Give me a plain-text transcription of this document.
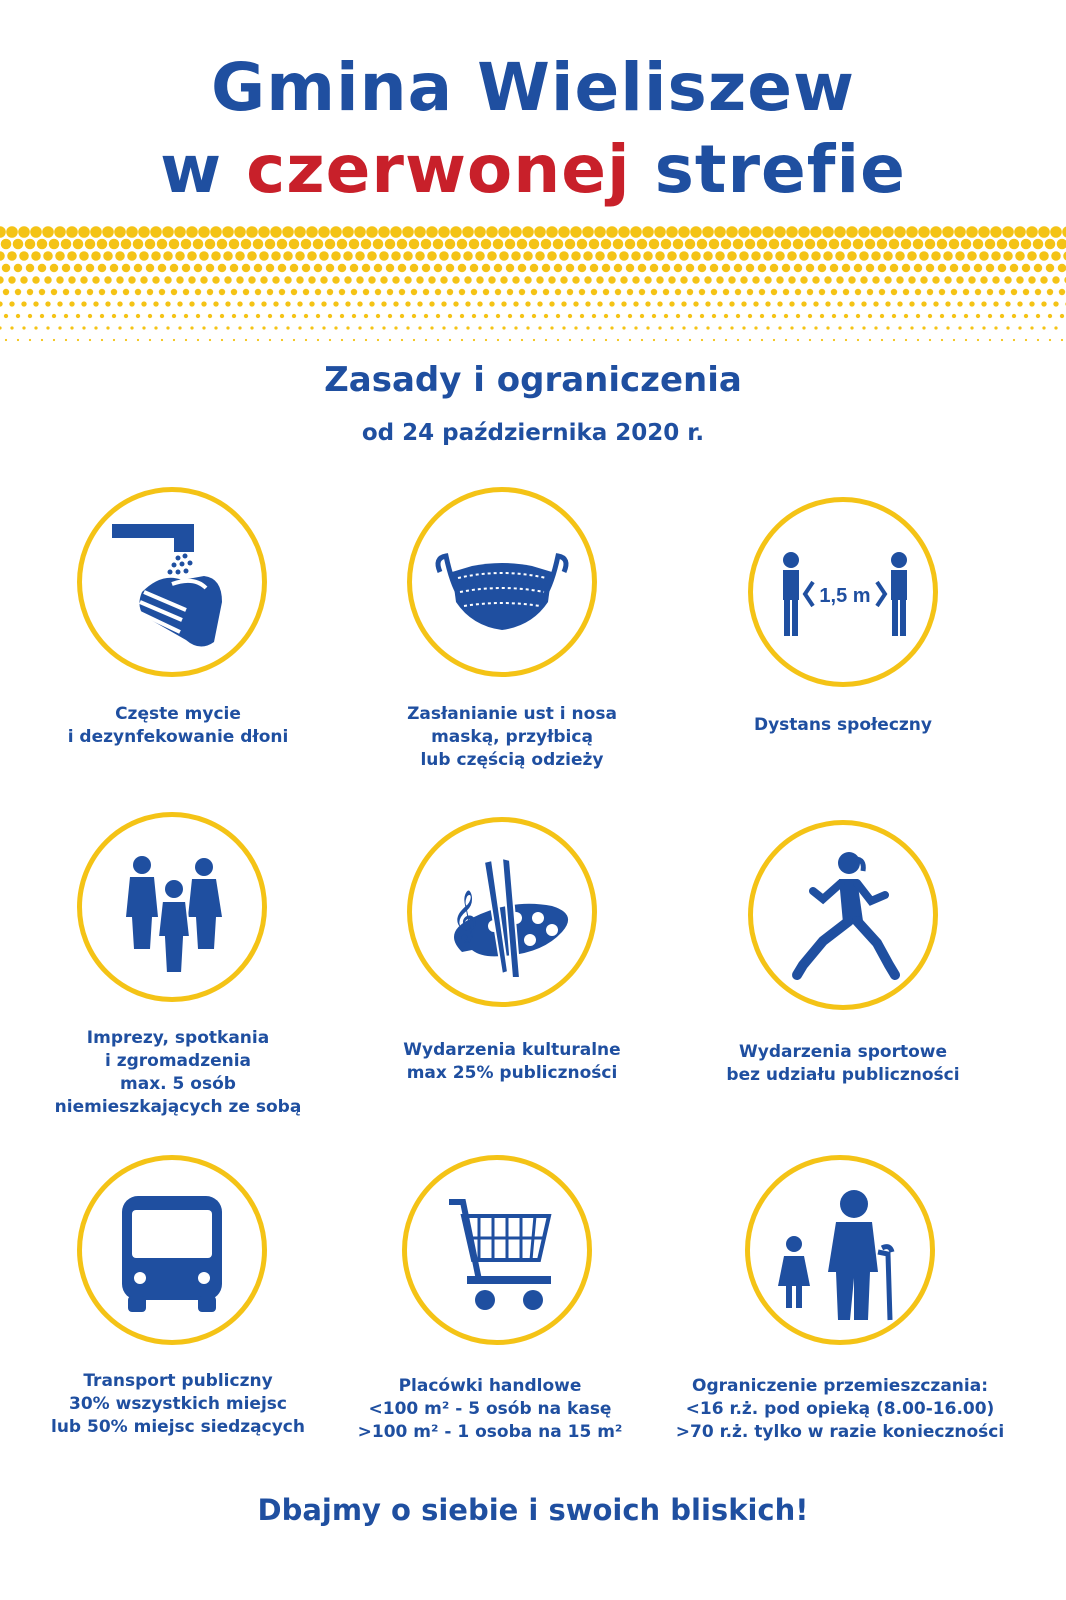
Gmina Wieliszew
w czerwonej strefie
Zasady i ograniczenia
od 24 października 2020 r.
Częste mycie
i dezynfekowanie dłoni
Zasłanianie ust i nosa
maską, przyłbicą
lub częścią odzieży
1,5 m
Dystans społeczny
Imprezy, spotkania
i zgromadzenia
max. 5 osób
niemieszkających ze sobą
𝄞
Wydarzenia kulturalne
max 25% publiczności
Wydarzenia sportowe
bez udziału publiczności
Transport publiczny
30% wszystkich miejsc
lub 50% miejsc siedzących
Placówki handlowe
<100 m² - 5 osób na kasę
>100 m² - 1 osoba na 15 m²
Ograniczenie przemieszczania:
<16 r.ż. pod opieką (8.00-16.00)
>70 r.ż. tylko w razie konieczności
Dbajmy o siebie i swoich bliskich!
